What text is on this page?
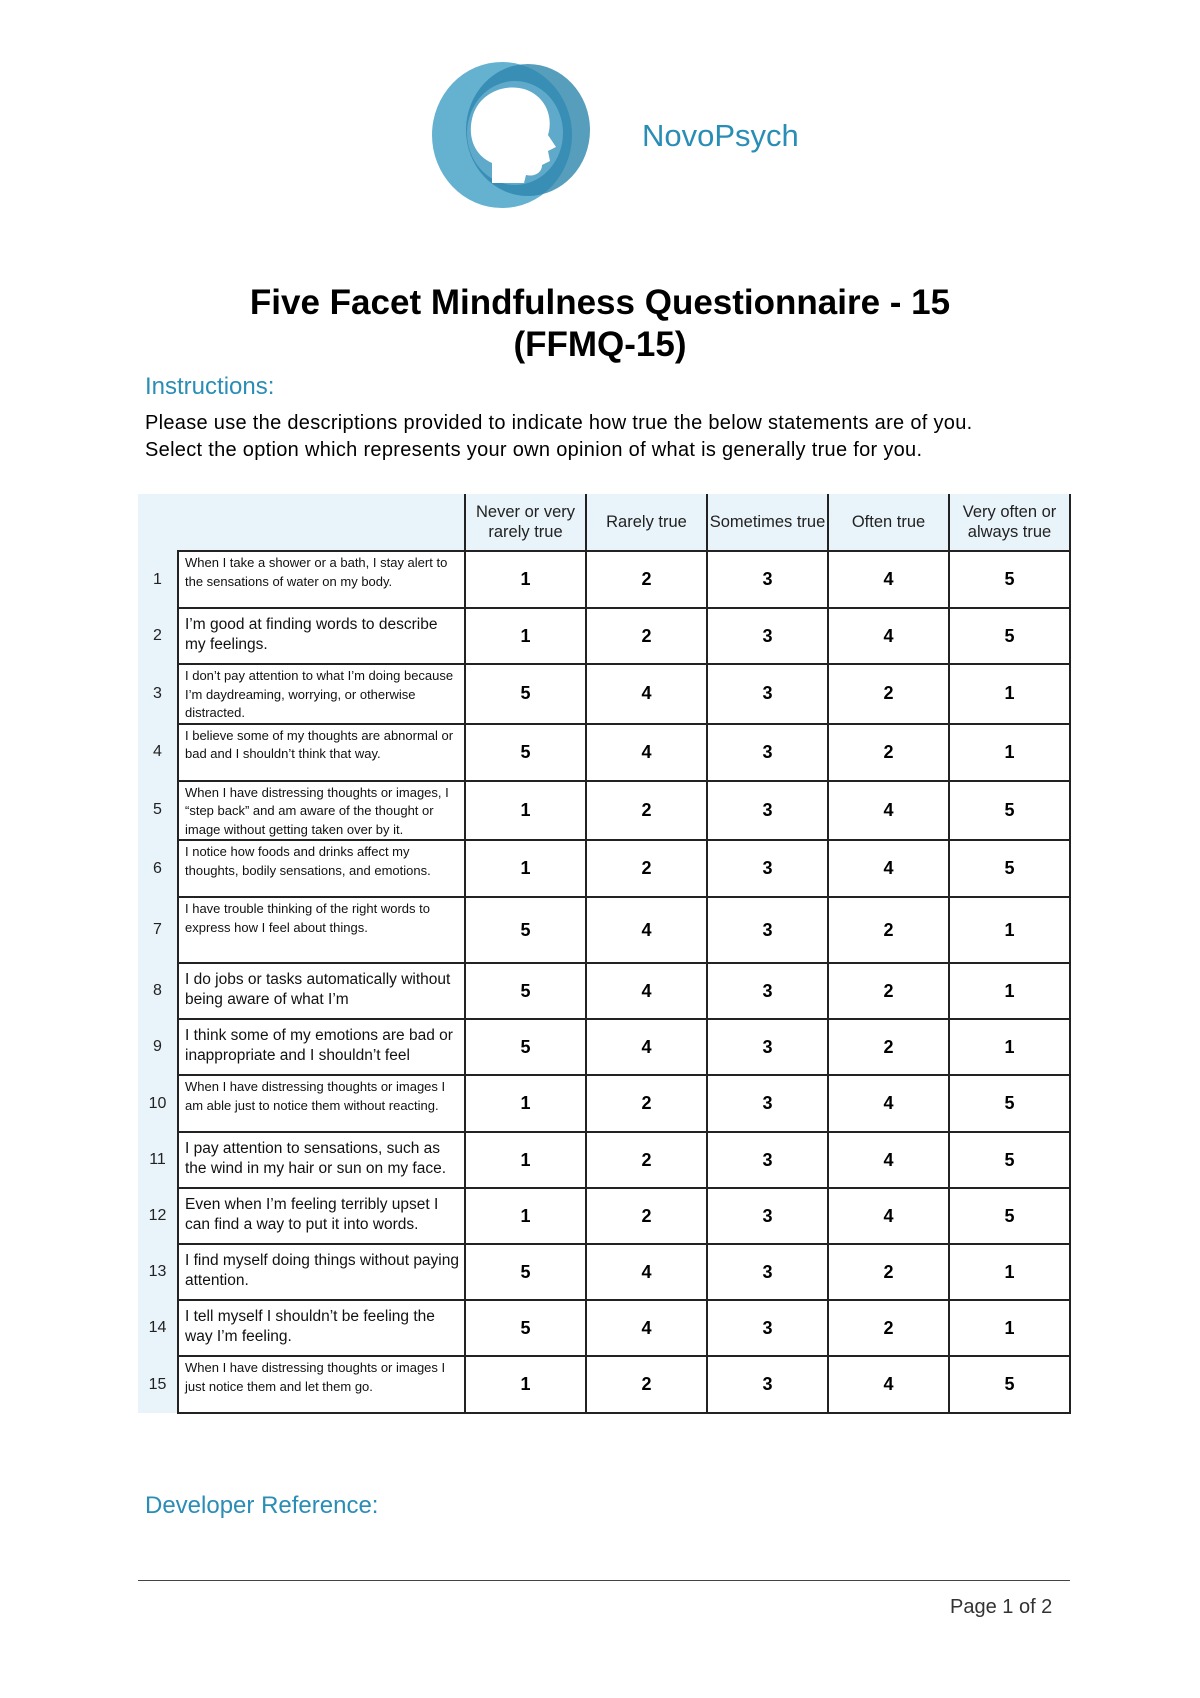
NovoPsych
Five Facet Mindfulness Questionnaire - 15
(FFMQ-15)
Instructions:
Please use the descriptions provided to indicate how true the below statements are of you.
Select the option which represents your own opinion of what is generally true for you.
		Never or very rarely true	Rarely true	Sometimes true	Often true	Very often or always true
1	When I take a shower or a bath, I stay alert to the sensations of water on my body.	1	2	3	4	5
2	I’m good at finding words to describe my feelings.	1	2	3	4	5
3	I don’t pay attention to what I’m doing because I’m daydreaming, worrying, or otherwise distracted.	5	4	3	2	1
4	I believe some of my thoughts are abnormal or bad and I shouldn’t think that way.	5	4	3	2	1
5	When I have distressing thoughts or images, I “step back” and am aware of the thought or image without getting taken over by it.	1	2	3	4	5
6	I notice how foods and drinks affect my thoughts, bodily sensations, and emotions.	1	2	3	4	5
7	I have trouble thinking of the right words to express how I feel about things.	5	4	3	2	1
8	I do jobs or tasks automatically without being aware of what I’m	5	4	3	2	1
9	I think some of my emotions are bad or inappropriate and I shouldn’t feel	5	4	3	2	1
10	When I have distressing thoughts or images I am able just to notice them without reacting.	1	2	3	4	5
11	I pay attention to sensations, such as the wind in my hair or sun on my face.	1	2	3	4	5
12	Even when I’m feeling terribly upset I can find a way to put it into words.	1	2	3	4	5
13	I find myself doing things without paying attention.	5	4	3	2	1
14	I tell myself I shouldn’t be feeling the way I’m feeling.	5	4	3	2	1
15	When I have distressing thoughts or images I just notice them and let them go.	1	2	3	4	5
Developer Reference:
Page 1 of 2
